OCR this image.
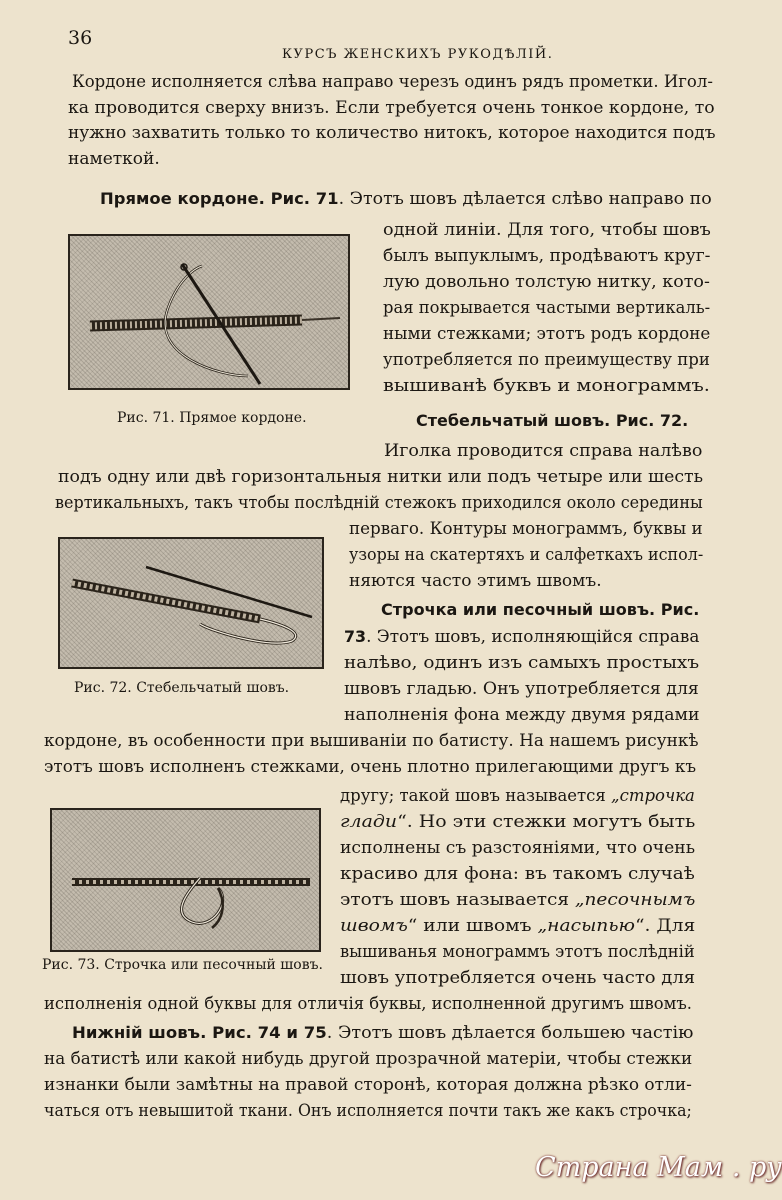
36
КУРСЪ ЖЕНСКИХЪ РУКОДѢЛІЙ.
Кордоне исполняется слѣва направо черезъ одинъ рядъ прометки. Игол-
ка проводится сверху внизъ. Если требуется очень тонкое кордоне, то
нужно захватить только то количество нитокъ, которое находится подъ
наметкой.
Прямое кордоне. Рис. 71. Этотъ шовъ дѣлается слѣво направо по
одной линіи. Для того, чтобы шовъ
былъ выпуклымъ, продѣваютъ круг-
лую довольно толстую нитку, кото-
рая покрывается частыми вертикаль-
ными стежками; этотъ родъ кордоне
употребляется по преимуществу при
вышиванѣ буквъ и монограммъ.
Рис. 71. Прямое кордоне.	Стебельчатый шовъ. Рис. 72.
Иголка проводится справа налѣво
подъ одну или двѣ горизонтальныя нитки или подъ четыре или шесть
вертикальныхъ, такъ чтобы послѣдній стежокъ приходился около середины
перваго. Контуры монограммъ, буквы и
узоры на скатертяхъ и салфеткахъ испол-
няются часто этимъ швомъ.
Рис. 72. Стебельчатый шовъ.
Строчка или песочный шовъ. Рис.
73. Этотъ шовъ, исполняющійся справа
налѣво, одинъ изъ самыхъ простыхъ
швовъ гладью. Онъ употребляется для
наполненія фона между двумя рядами
кордоне, въ особенности при вышиваніи по батисту. На нашемъ рисункѣ
этотъ шовъ исполненъ стежками, очень плотно прилегающими другъ къ
другу; такой шовъ называется „строчка
глади“. Но эти стежки могутъ быть
исполнены съ разстояніями, что очень
красиво для фона: въ такомъ случаѣ
этотъ шовъ называется „песочнымъ
швомъ“ или швомъ „насыпью“. Для
вышиванья монограммъ этотъ послѣдній
шовъ употребляется очень часто для
исполненія одной буквы для отличія буквы, исполненной другимъ швомъ.
Рис. 73. Строчка или песочный шовъ.
Нижній шовъ. Рис. 74 и 75. Этотъ шовъ дѣлается большею частію
на батистѣ или какой нибудь другой прозрачной матеріи, чтобы стежки
изнанки были замѣтны на правой сторонѣ, которая должна рѣзко отли-
чаться отъ невышитой ткани. Онъ исполняется почти такъ же какъ строчка;
Страна Мам . ру
